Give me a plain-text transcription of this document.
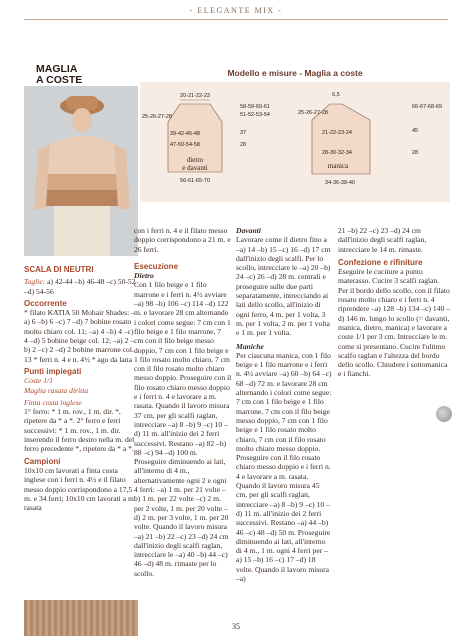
- ELEGANTE MIX -
MAGLIA
A COSTE
Modello e misure - Maglia a coste
20-21-22-23
25-26-27-28
58-59-60-61
51-52-53-54
39-42-45-48
47-50-54-58
37
28
dietro
e davanti
56-61-65-70
6,5
25-26-27-28
66-67-68-69
21-22-23-24
28-30-32-34
45
28
manica
34-36-38-40

SCALA DI NEUTRI

Taglie: a) 42-44 –b) 46-48 –c) 50-52 –d) 54-56

Occorrente

* filato KATIA 50 Mohair Shades: –a) 6 –b) 6 –c) 7 –d) 7 bobine rosato molto chiaro col. 11; –a) 4 –b) 4 –c) 4 –d) 5 bobine beige col. 12; –a) 2 –b) 2 –c) 2 –d) 2 bobine marrone col. 13 * ferri n. 4 e n. 4½ * ago da lana

Punti impiegati

Coste 1/1

Maglia rasata diritta

Finta costa inglese

1° ferro: * 1 m. rov., 1 m. dir. *, ripetere da * a *. 2° ferro e ferri successivi: * 1 m. rov., 1 m. dir. inserendo il ferro destro nella m. del ferro precedente *, ripetere da * a *.

Campioni

10x10 cm lavorati a finta costa inglese con i ferri n. 4½ e il filato messo doppio corrispondono a 17,5 m. e 34 ferri; 10x10 cm lavorati a m. rasata

con i ferri n. 4 e il filato messo doppio corrispondono a 21 m. e 26 ferri.

Esecuzione

Dietro

Con 1 filo beige e 1 filo marrone e i ferri n. 4½ avviare –a) 98 –b) 106 –c) 114 –d) 122 m. e lavorare 28 cm alternando i colori come segue: 7 cm con 1 filo beige e 1 filo marrone, 7 cm con il filo beige messo doppio, 7 cm con 1 filo beige e 1 filo rosato molto chiaro, 7 cm con il filo rosato molto chiaro messo doppio. Proseguire con il filo rosato chiaro messo doppio e i ferri n. 4 e lavorare a m. rasata. Quando il lavoro misura 37 cm, per gli scalfi raglan, intrecciare –a) 8 –b) 9 –c) 10 –d) 11 m. all'inizio dei 2 ferri successivi. Restano –a) 82 –b) 88 –c) 94 –d) 100 m. Proseguire diminuendo ai lati, all'interno di 4 m., alternativamente ogni 2 e ogni 4 ferri: –a) 1 m. per 21 volte –b) 1 m. per 22 volte –c) 2 m. per 2 volte, 1 m. per 20 volte –d) 2 m. per 3 volte, 1 m. per 20 volte. Quando il lavoro misura –a) 21 –b) 22 –c) 23 –d) 24 cm dall'inizio degli scalfi raglan, intrecciare le –a) 40 –b) 44 –c) 46 –d) 48 m. rimaste per lo scollo.

Davanti

Lavorare come il dietro fino a –a) 14 –b) 15 –c) 16 –d) 17 cm dall'inizio degli scalfi. Per lo scollo, intrecciare le –a) 20 –b) 24 –c) 26 –d) 28 m. centrali e proseguire sulle due parti separatamente, intrecciando ai lati dello scollo, all'inizio di ogni ferro, 4 m. per 1 volta, 3 m. per 1 volta, 2 m. per 1 volta e 1 m. per 1 volta.

Maniche

Per ciascuna manica, con 1 filo beige e 1 filo marrone e i ferri n. 4½ avviare –a) 60 –b) 64 –c) 68 –d) 72 m. e lavorare 28 cm alternando i colori come segue: 7 cm con 1 filo beige e 1 filo marrone, 7 cm con il filo beige messo doppio, 7 cm con 1 filo beige e 1 filo rosato molto chiaro, 7 cm con il filo rosato molto chiaro messo doppio. Proseguire con il filo rosato chiaro messo doppio e i ferri n. 4 e lavorare a m. rasata. Quando il lavoro misura 45 cm, per gli scalfi raglan, intrecciare –a) 8 –b) 9 –c) 10 –d) 11 m. all'inizio dei 2 ferri successivi. Restano –a) 44 –b) 46 –c) 48 –d) 50 m. Proseguire diminuendo ai lati, all'interno di 4 m., 1 m. ogni 4 ferri per –a) 15 –b) 16 –c) 17 –d) 18 volte. Quando il lavoro misura –a)

21 –b) 22 –c) 23 –d) 24 cm dall'inizio degli scalfi raglan, intrecciare le 14 m. rimaste.

Confezione e rifiniture

Eseguire le cuciture a punto materasso. Cucire 3 scalfi raglan. Per il bordo dello scollo, con il filato rosato molto chiaro e i ferri n. 4 riprendere –a) 128 –b) 134 –c) 140 –d) 146 m. lungo lo scollo (= davanti, manica, dietro, manica) e lavorare a coste 1/1 per 3 cm. Intrecciare le m. come si presentano. Cucire l'ultimo scalfo raglan e l'altezza del bordo dello scollo. Chiudere i sottomanica e i fianchi.

35
